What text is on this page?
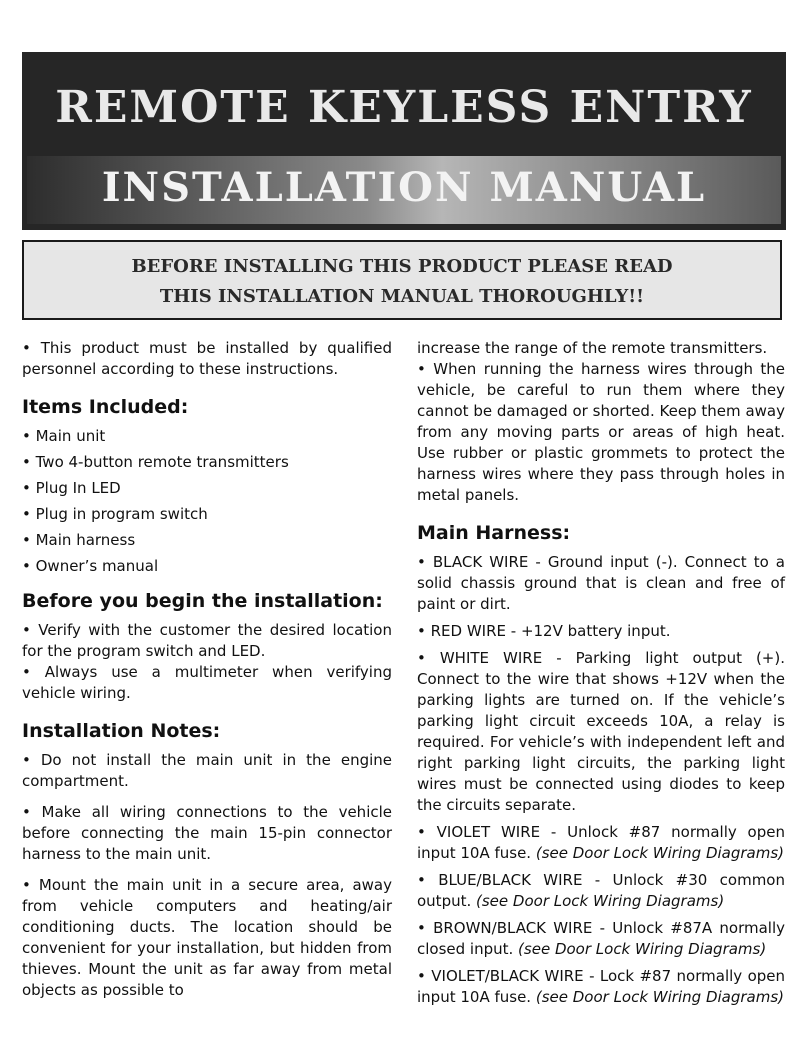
REMOTE KEYLESS ENTRY
INSTALLATION MANUAL
BEFORE INSTALLING THIS PRODUCT PLEASE READ
THIS INSTALLATION MANUAL THOROUGHLY!!

• This product must be installed by qualified personnel according to these instructions.

Items Included:

• Main unit

• Two 4-button remote transmitters

• Plug In LED

• Plug in program switch

• Main harness

• Owner’s manual

Before you begin the installation:

• Verify with the customer the desired location for the program switch and LED.

• Always use a multimeter when verifying vehicle wiring.

Installation Notes:

• Do not install the main unit in the engine compartment.

• Make all wiring connections to the vehicle before connecting the main 15-pin connector harness to the main unit.

• Mount the main unit in a secure area, away from vehicle computers and heating/air conditioning ducts. The location should be convenient for your installation, but hidden from thieves. Mount the unit as far away from metal objects as possible to

increase the range of the remote transmitters.

• When running the harness wires through the vehicle, be careful to run them where they cannot be damaged or shorted. Keep them away from any moving parts or areas of high heat. Use rubber or plastic grommets to protect the harness wires where they pass through holes in metal panels.

Main Harness:

• BLACK WIRE - Ground input (-). Connect to a solid chassis ground that is clean and free of paint or dirt.

• RED WIRE - +12V battery input.

• WHITE WIRE - Parking light output (+). Connect to the wire that shows +12V when the parking lights are turned on. If the vehicle’s parking light circuit exceeds 10A, a relay is required. For vehicle’s with independent left and right parking light circuits, the parking light wires must be connected using diodes to keep the circuits separate.

• VIOLET WIRE - Unlock #87 normally open input 10A fuse. (see Door Lock Wiring Diagrams)

• BLUE/BLACK WIRE - Unlock #30 common output. (see Door Lock Wiring Diagrams)

• BROWN/BLACK WIRE - Unlock #87A normally closed input. (see Door Lock Wiring Diagrams)

• VIOLET/BLACK WIRE - Lock #87 normally open input 10A fuse. (see Door Lock Wiring Diagrams)
